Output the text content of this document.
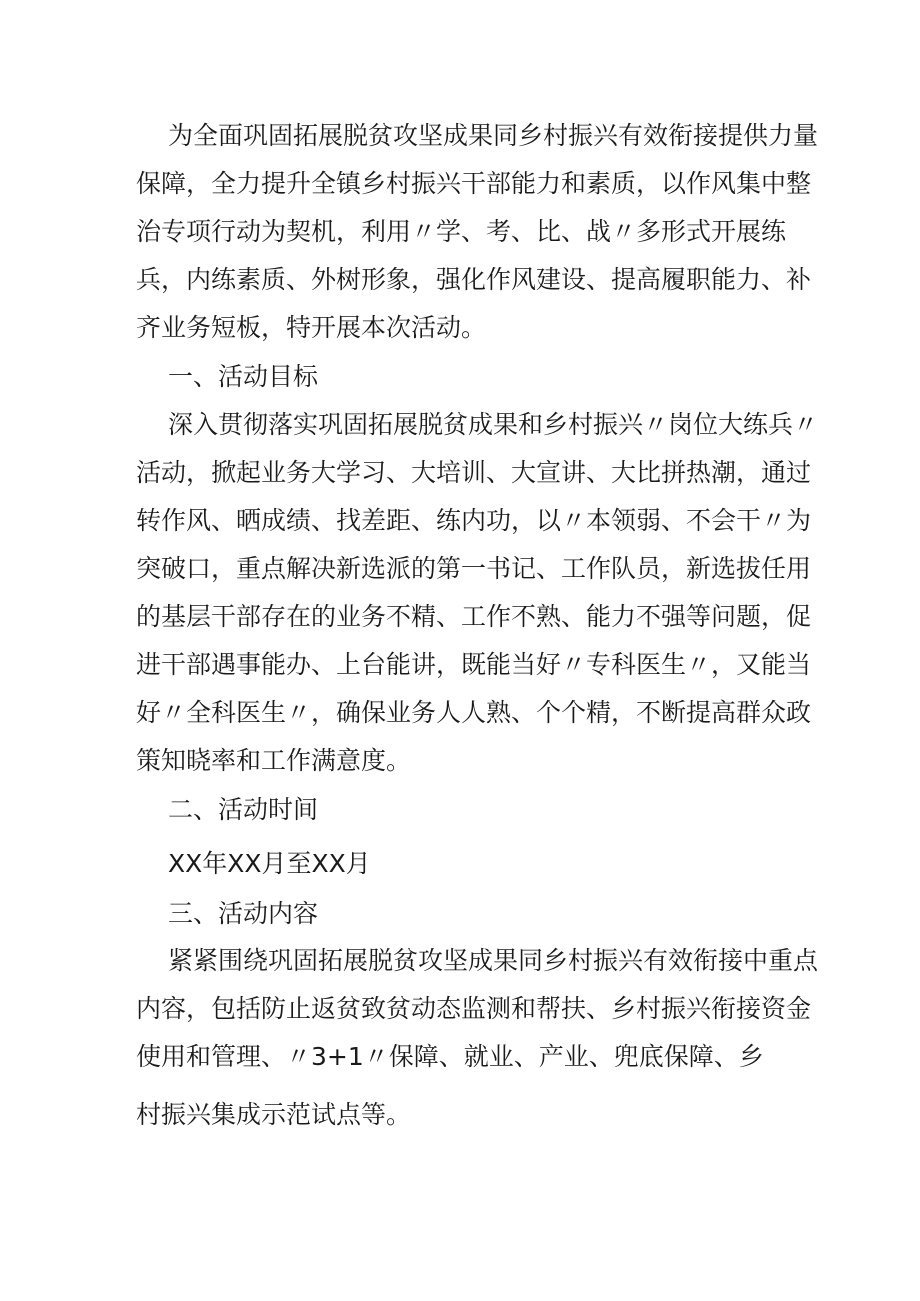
为全面巩固拓展脱贫攻坚成果同乡村振兴有效衔接提供力量
保障，全力提升全镇乡村振兴干部能力和素质，以作风集中整
治专项行动为契机，利用〃学、考、比、战〃多形式开展练
兵，内练素质、外树形象，强化作风建设、提高履职能力、补
齐业务短板，特开展本次活动。
一、活动目标
深入贯彻落实巩固拓展脱贫成果和乡村振兴〃岗位大练兵〃
活动，掀起业务大学习、大培训、大宣讲、大比拼热潮，通过
转作风、晒成绩、找差距、练内功，以〃本领弱、不会干〃为
突破口，重点解决新选派的第一书记、工作队员，新选拔任用
的基层干部存在的业务不精、工作不熟、能力不强等问题，促
进干部遇事能办、上台能讲，既能当好〃专科医生〃，又能当
好〃全科医生〃，确保业务人人熟、个个精，不断提高群众政
策知晓率和工作满意度。
二、活动时间
XX年XX月至XX月
三、活动内容
紧紧围绕巩固拓展脱贫攻坚成果同乡村振兴有效衔接中重点
内容，包括防止返贫致贫动态监测和帮扶、乡村振兴衔接资金
使用和管理、〃3+1〃保障、就业、产业、兜底保障、乡
村振兴集成示范试点等。
